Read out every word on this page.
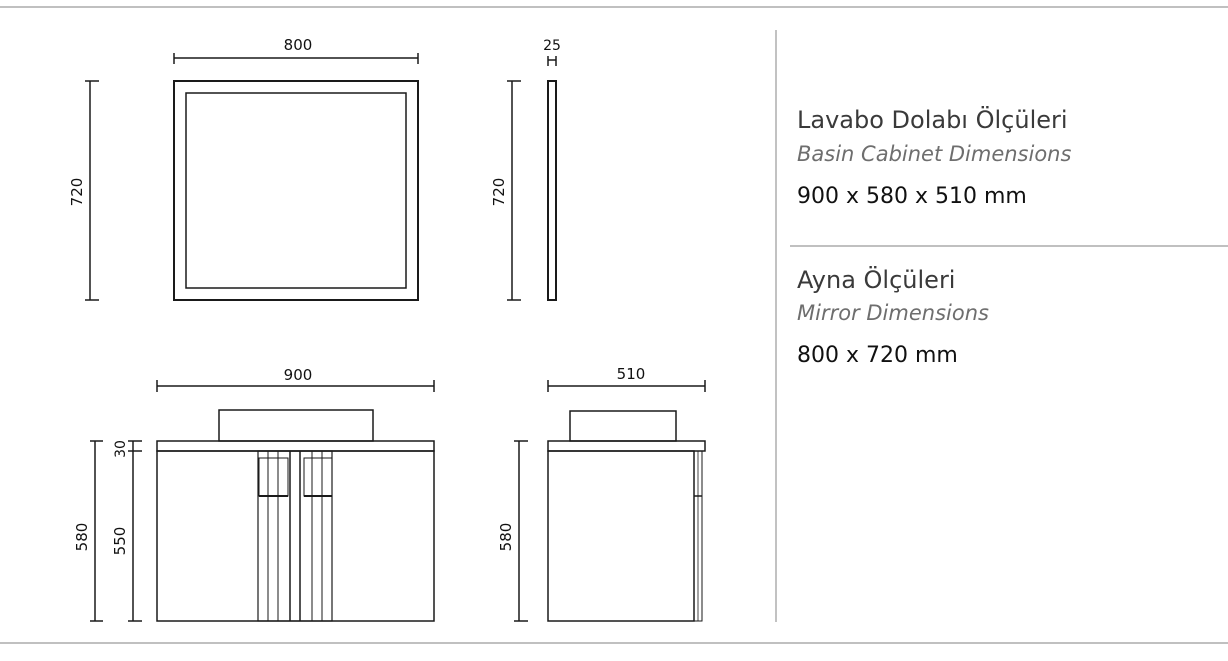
800
720
25
720
900
580
30
550
510
580
Lavabo Dolabı Ölçüleri
Basin Cabinet Dimensions
900 x 580 x 510 mm
Ayna Ölçüleri
Mirror Dimensions
800 x 720 mm
